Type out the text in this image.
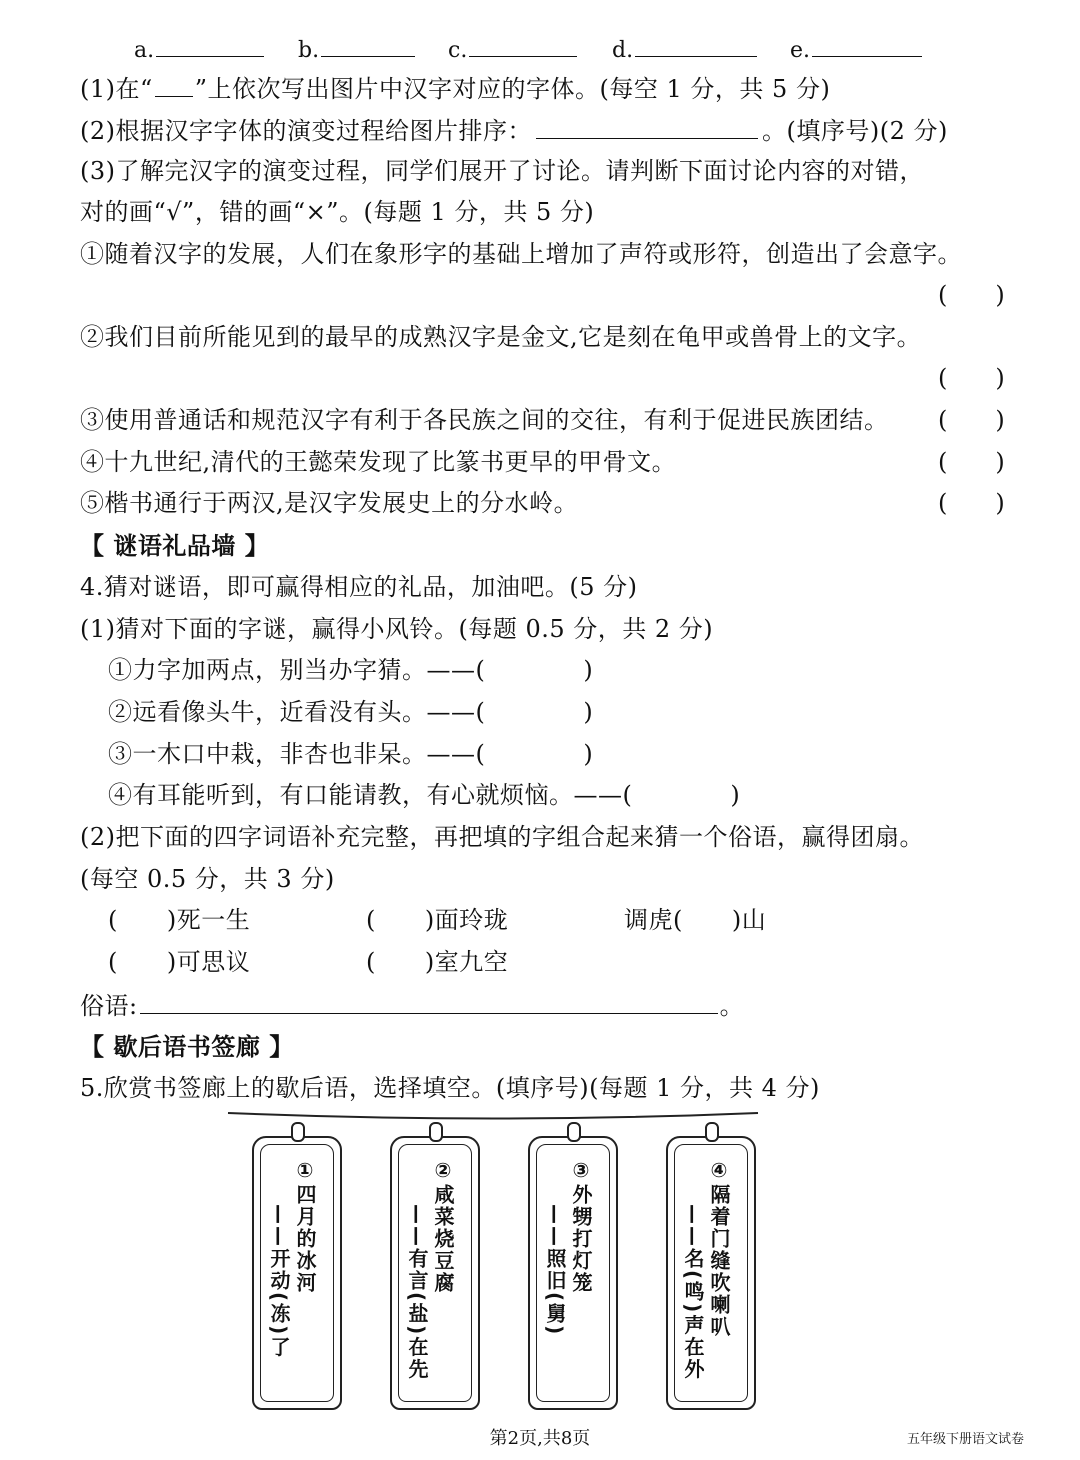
a.	b.	c.	d.	e.
(1)在“ ”上依次写出图片中汉字对应的字体。(每空 1 分，共 5 分)
(2)根据汉字字体的演变过程给图片排序：	。(填序号)(2 分)
(3)了解完汉字的演变过程，同学们展开了讨论。请判断下面讨论内容的对错，
对的画“√”，错的画“×”。(每题 1 分，共 5 分)
①随着汉字的发展，人们在象形字的基础上增加了声符或形符，创造出了会意字。
(　　)
②我们目前所能见到的最早的成熟汉字是金文,它是刻在龟甲或兽骨上的文字。
(　　)
③使用普通话和规范汉字有利于各民族之间的交往，有利于促进民族团结。 (　　)
④十九世纪,清代的王懿荣发现了比篆书更早的甲骨文。	(　　)
⑤楷书通行于两汉,是汉字发展史上的分水岭。	(　　)
【 谜语礼品墙 】
4.猜对谜语，即可赢得相应的礼品，加油吧。(5 分)
(1)猜对下面的字谜，赢得小风铃。(每题 0.5 分，共 2 分)
①力字加两点，别当办字猜。——(　　　　)
②远看像头牛，近看没有头。——(　　　　)
③一木口中栽，非杏也非呆。——(　　　　)
④有耳能听到，有口能请教，有心就烦恼。——(　　　　)
(2)把下面的四字词语补充完整，再把填的字组合起来猜一个俗语，赢得团扇。
(每空 0.5 分，共 3 分)
(　　)死一生	(　　)面玲珑	调虎(　　)山
(　　)可思议	(　　)室九空
俗语:	。
【 歇后语书签廊 】
5.欣赏书签廊上的歇后语，选择填空。(填序号)(每题 1 分，共 4 分)
①四月的冰河
——开动(冻)了
②咸菜烧豆腐
——有言(盐)在先
③外甥打灯笼
——照旧(舅)
④隔着门缝吹喇叭
——名(鸣)声在外
第2页,共8页	五年级下册语文试卷
